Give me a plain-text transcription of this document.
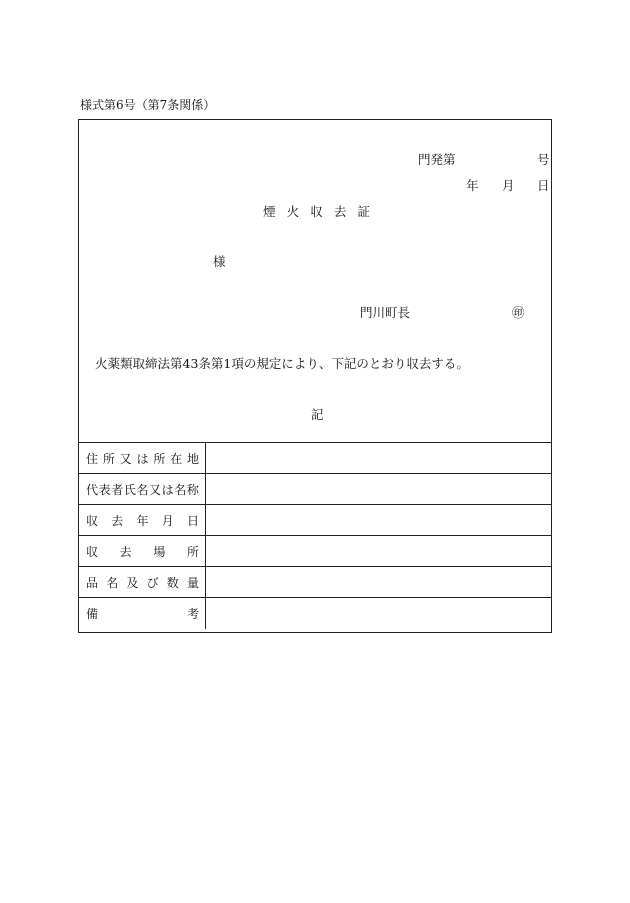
様式第6号（第7条関係）
門発第	号
年 月 日
煙 火 収 去 証
様
門川町長	㊞
火薬類取締法第43条第1項の規定により、下記のとおり収去する。
記
住 所 又 は 所 在 地
代 表 者 氏 名 又 は 名 称
収 去 年 月 日
収 去 場 所
品 名 及 び 数 量
備	考
